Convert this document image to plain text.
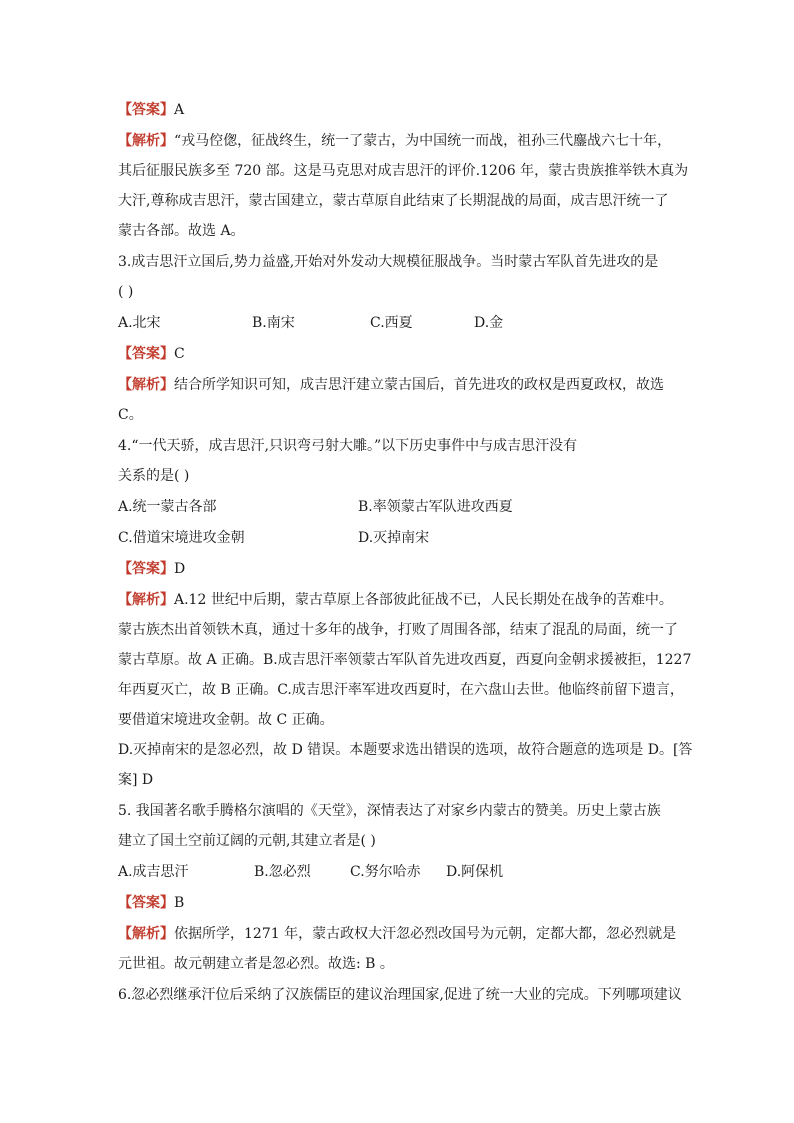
【答案】A

【解析】“戎马倥偬，征战终生，统一了蒙古，为中国统一而战，祖孙三代鏖战六七十年，

其后征服民族多至 720 部。这是马克思对成吉思汗的评价.1206 年，蒙古贵族推举铁木真为

大汗,尊称成吉思汗，蒙古国建立，蒙古草原自此结束了长期混战的局面，成吉思汗统一了

蒙古各部。故选 A。

3.成吉思汗立国后,势力益盛,开始对外发动大规模征服战争。当时蒙古军队首先进攻的是

( )

A.北宋	B.南宋	C.西夏	D.金

【答案】C

【解析】结合所学知识可知，成吉思汗建立蒙古国后，首先进攻的政权是西夏政权，故选

C。

4.“一代天骄，成吉思汗,只识弯弓射大雕。”以下历史事件中与成吉思汗没有

关系的是( )

A.统一蒙古各部	B.率领蒙古军队进攻西夏

C.借道宋境进攻金朝	D.灭掉南宋

【答案】D

【解析】A.12 世纪中后期，蒙古草原上各部彼此征战不已，人民长期处在战争的苦难中。

蒙古族杰出首领铁木真，通过十多年的战争，打败了周围各部，结束了混乱的局面，统一了

蒙古草原。故 A 正确。B.成吉思汗率领蒙古军队首先进攻西夏，西夏向金朝求援被拒，1227

年西夏灭亡，故 B 正确。C.成吉思汗率军进攻西夏时，在六盘山去世。他临终前留下遗言，

要借道宋境进攻金朝。故 C 正确。

D.灭掉南宋的是忽必烈，故 D 错误。本题要求选出错误的选项，故符合题意的选项是 D。[答

案] D

5. 我国著名歌手腾格尔演唱的《天堂》，深情表达了对家乡内蒙古的赞美。历史上蒙古族

建立了国土空前辽阔的元朝,其建立者是( )

A.成吉思汗	B.忽必烈	C.努尔哈赤	D.阿保机

【答案】B

【解析】依据所学，1271 年，蒙古政权大汗忽必烈改国号为元朝，定都大都，忽必烈就是

元世祖。故元朝建立者是忽必烈。故选: B 。

6.忽必烈继承汗位后采纳了汉族儒臣的建议治理国家,促进了统一大业的完成。下列哪项建议
